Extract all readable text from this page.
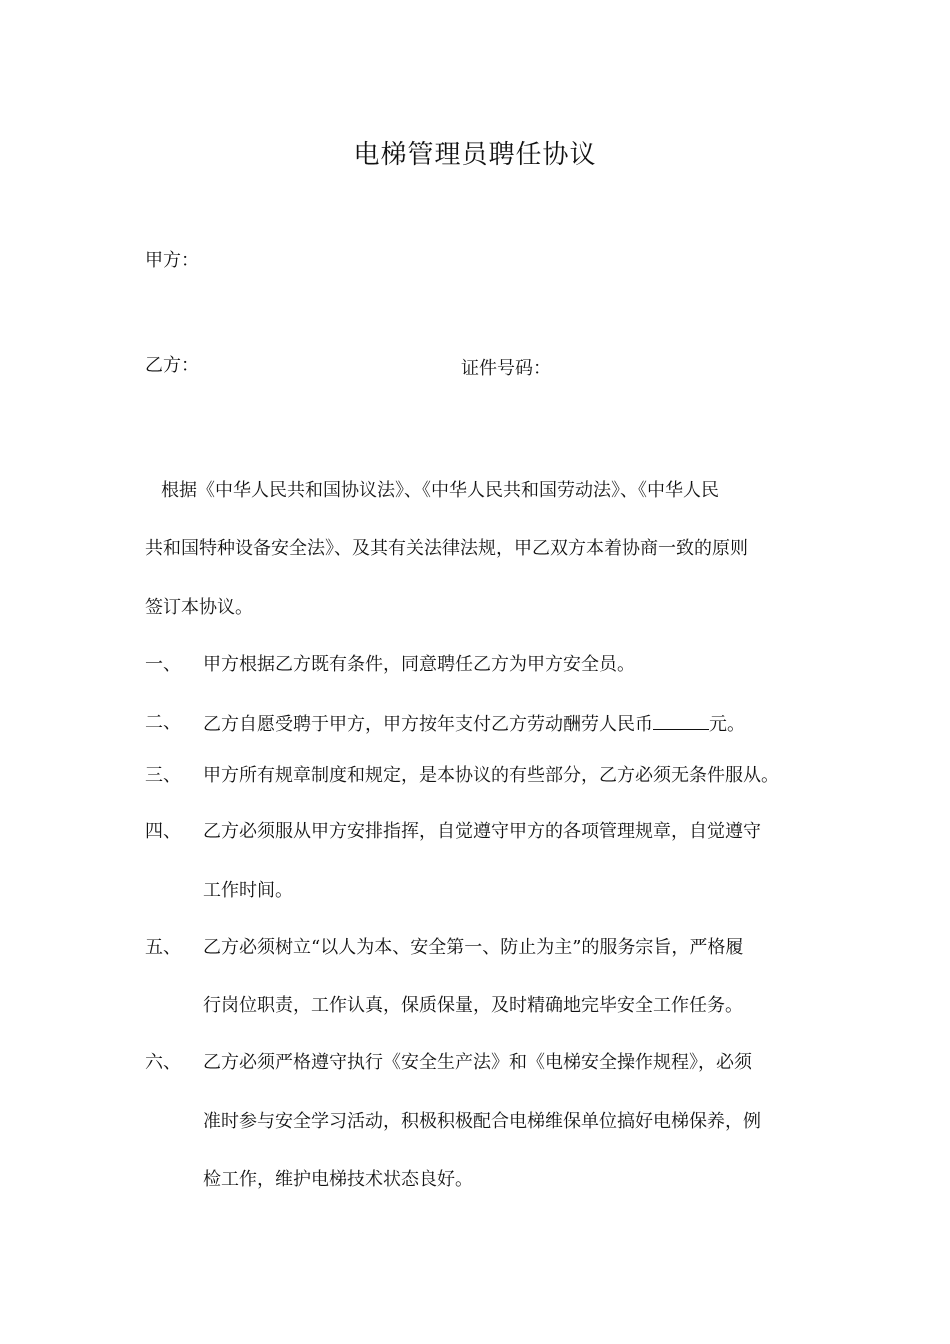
电梯管理员聘任协议
甲方：
乙方：	证件号码：
根据《中华人民共和国协议法》、《中华人民共和国劳动法》、《中华人民
共和国特种设备安全法》、及其有关法律法规，甲乙双方本着协商一致的原则
签订本协议。
一、 甲方根据乙方既有条件，同意聘任乙方为甲方安全员。
二、 乙方自愿受聘于甲方，甲方按年支付乙方劳动酬劳人民币	元。
三、 甲方所有规章制度和规定，是本协议的有些部分，乙方必须无条件服从。
四、 乙方必须服从甲方安排指挥，自觉遵守甲方的各项管理规章，自觉遵守
工作时间。
五、 乙方必须树立“以人为本、安全第一、防止为主”的服务宗旨，严格履
行岗位职责，工作认真，保质保量，及时精确地完毕安全工作任务。
六、 乙方必须严格遵守执行《安全生产法》和《电梯安全操作规程》，必须
准时参与安全学习活动，积极积极配合电梯维保单位搞好电梯保养，例
检工作，维护电梯技术状态良好。
